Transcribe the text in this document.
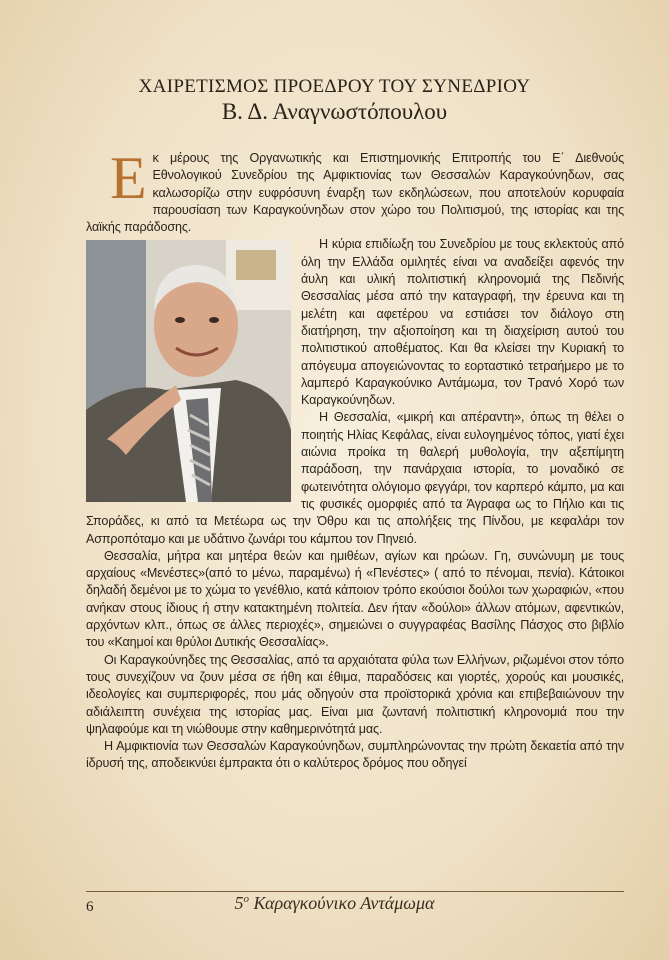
ΧΑΙΡΕΤΙΣΜΟΣ ΠΡΟΕΔΡΟΥ ΤΟΥ ΣΥΝΕΔΡΙΟΥ
Β. Δ. Αναγνωστόπουλου

Εκ μέρους της Οργανωτικής και Επιστημονικής Επιτροπής του Ε΄ Διεθνούς Εθνολογικού Συνεδρίου της Αμφικτιονίας των Θεσσαλών Καραγκούνηδων, σας καλωσορίζω στην ευφρόσυνη έναρξη των εκδηλώσεων, που αποτελούν κορυφαία παρουσίαση των Καραγκούνηδων στον χώρο του Πολιτισμού, της ιστορίας και της λαϊκής παράδοσης.

Η κύρια επιδίωξη του Συνεδρίου με τους εκλεκτούς από όλη την Ελλάδα ομιλητές είναι να αναδείξει αφενός την άυλη και υλική πολιτιστική κληρονομιά της Πεδινής Θεσσαλίας μέσα από την καταγραφή, την έρευνα και τη μελέτη και αφετέρου να εστιάσει τον διάλογο στη διατήρηση, την αξιοποίηση και τη διαχείριση αυτού του πολιτιστικού αποθέματος. Και θα κλείσει την Κυριακή το απόγευμα απογειώνοντας το εορταστικό τετραήμερο με το λαμπερό Καραγκούνικο Αντάμωμα, τον Τρανό Χορό των Καραγκούνηδων.

Η Θεσσαλία, «μικρή και απέραντη», όπως τη θέλει ο ποιητής Ηλίας Κεφάλας, είναι ευλογημένος τόπος, γιατί έχει αιώνια προίκα τη θαλερή μυθολογία, την αξεπίμητη παράδοση, την πανάρχαια ιστορία, το μοναδικό σε φωτεινότητα ολόγιομο φεγγάρι, τον καρπερό κάμπο, μα και τις φυσικές ομορφιές από τα Άγραφα ως το Πήλιο και τις Σποράδες, κι από τα Μετέωρα ως την Όθρυ και τις απολήξεις της Πίνδου, με κεφαλάρι τον Ασπροπόταμο και με υδάτινο ζωνάρι του κάμπου τον Πηνειό.

Θεσσαλία, μήτρα και μητέρα θεών και ημιθέων, αγίων και ηρώων. Γη, συνώνυμη με τους αρχαίους «Μενέστες»(από το μένω, παραμένω) ή «Πενέστες» ( από το πένομαι, πενία). Κάτοικοι δηλαδή δεμένοι με το χώμα το γενέθλιο, κατά κάποιον τρόπο εκούσιοι δούλοι των χωραφιών, «που ανήκαν στους ίδιους ή στην κατακτημένη πολιτεία. Δεν ήταν «δούλοι» άλλων ατόμων, αφεντικών, αρχόντων κλπ., όπως σε άλλες περιοχές», σημειώνει ο συγγραφέας Βασίλης Πάσχος στο βιβλίο του «Καημοί και θρύλοι Δυτικής Θεσσαλίας».

Οι Καραγκούνηδες της Θεσσαλίας, από τα αρχαιότατα φύλα των Ελλήνων, ριζωμένοι στον τόπο τους συνεχίζουν να ζουν μέσα σε ήθη και έθιμα, παραδόσεις και γιορτές, χορούς και μουσικές, ιδεολογίες και συμπεριφορές, που μάς οδηγούν στα προϊστορικά χρόνια και επιβεβαιώνουν την αδιάλειπτη συνέχεια της ιστορίας μας. Είναι μια ζωντανή πολιτιστική κληρονομιά που την ψηλαφούμε και τη νιώθουμε στην καθημερινότητά μας.

Η Αμφικτιονία των Θεσσαλών Καραγκούνηδων, συμπληρώνοντας την πρώτη δεκαετία από την ίδρυσή της, αποδεικνύει έμπρακτα ότι ο καλύτερος δρόμος που οδηγεί

6	$5^o$ Καραγκούνικο Αντάμωμα
